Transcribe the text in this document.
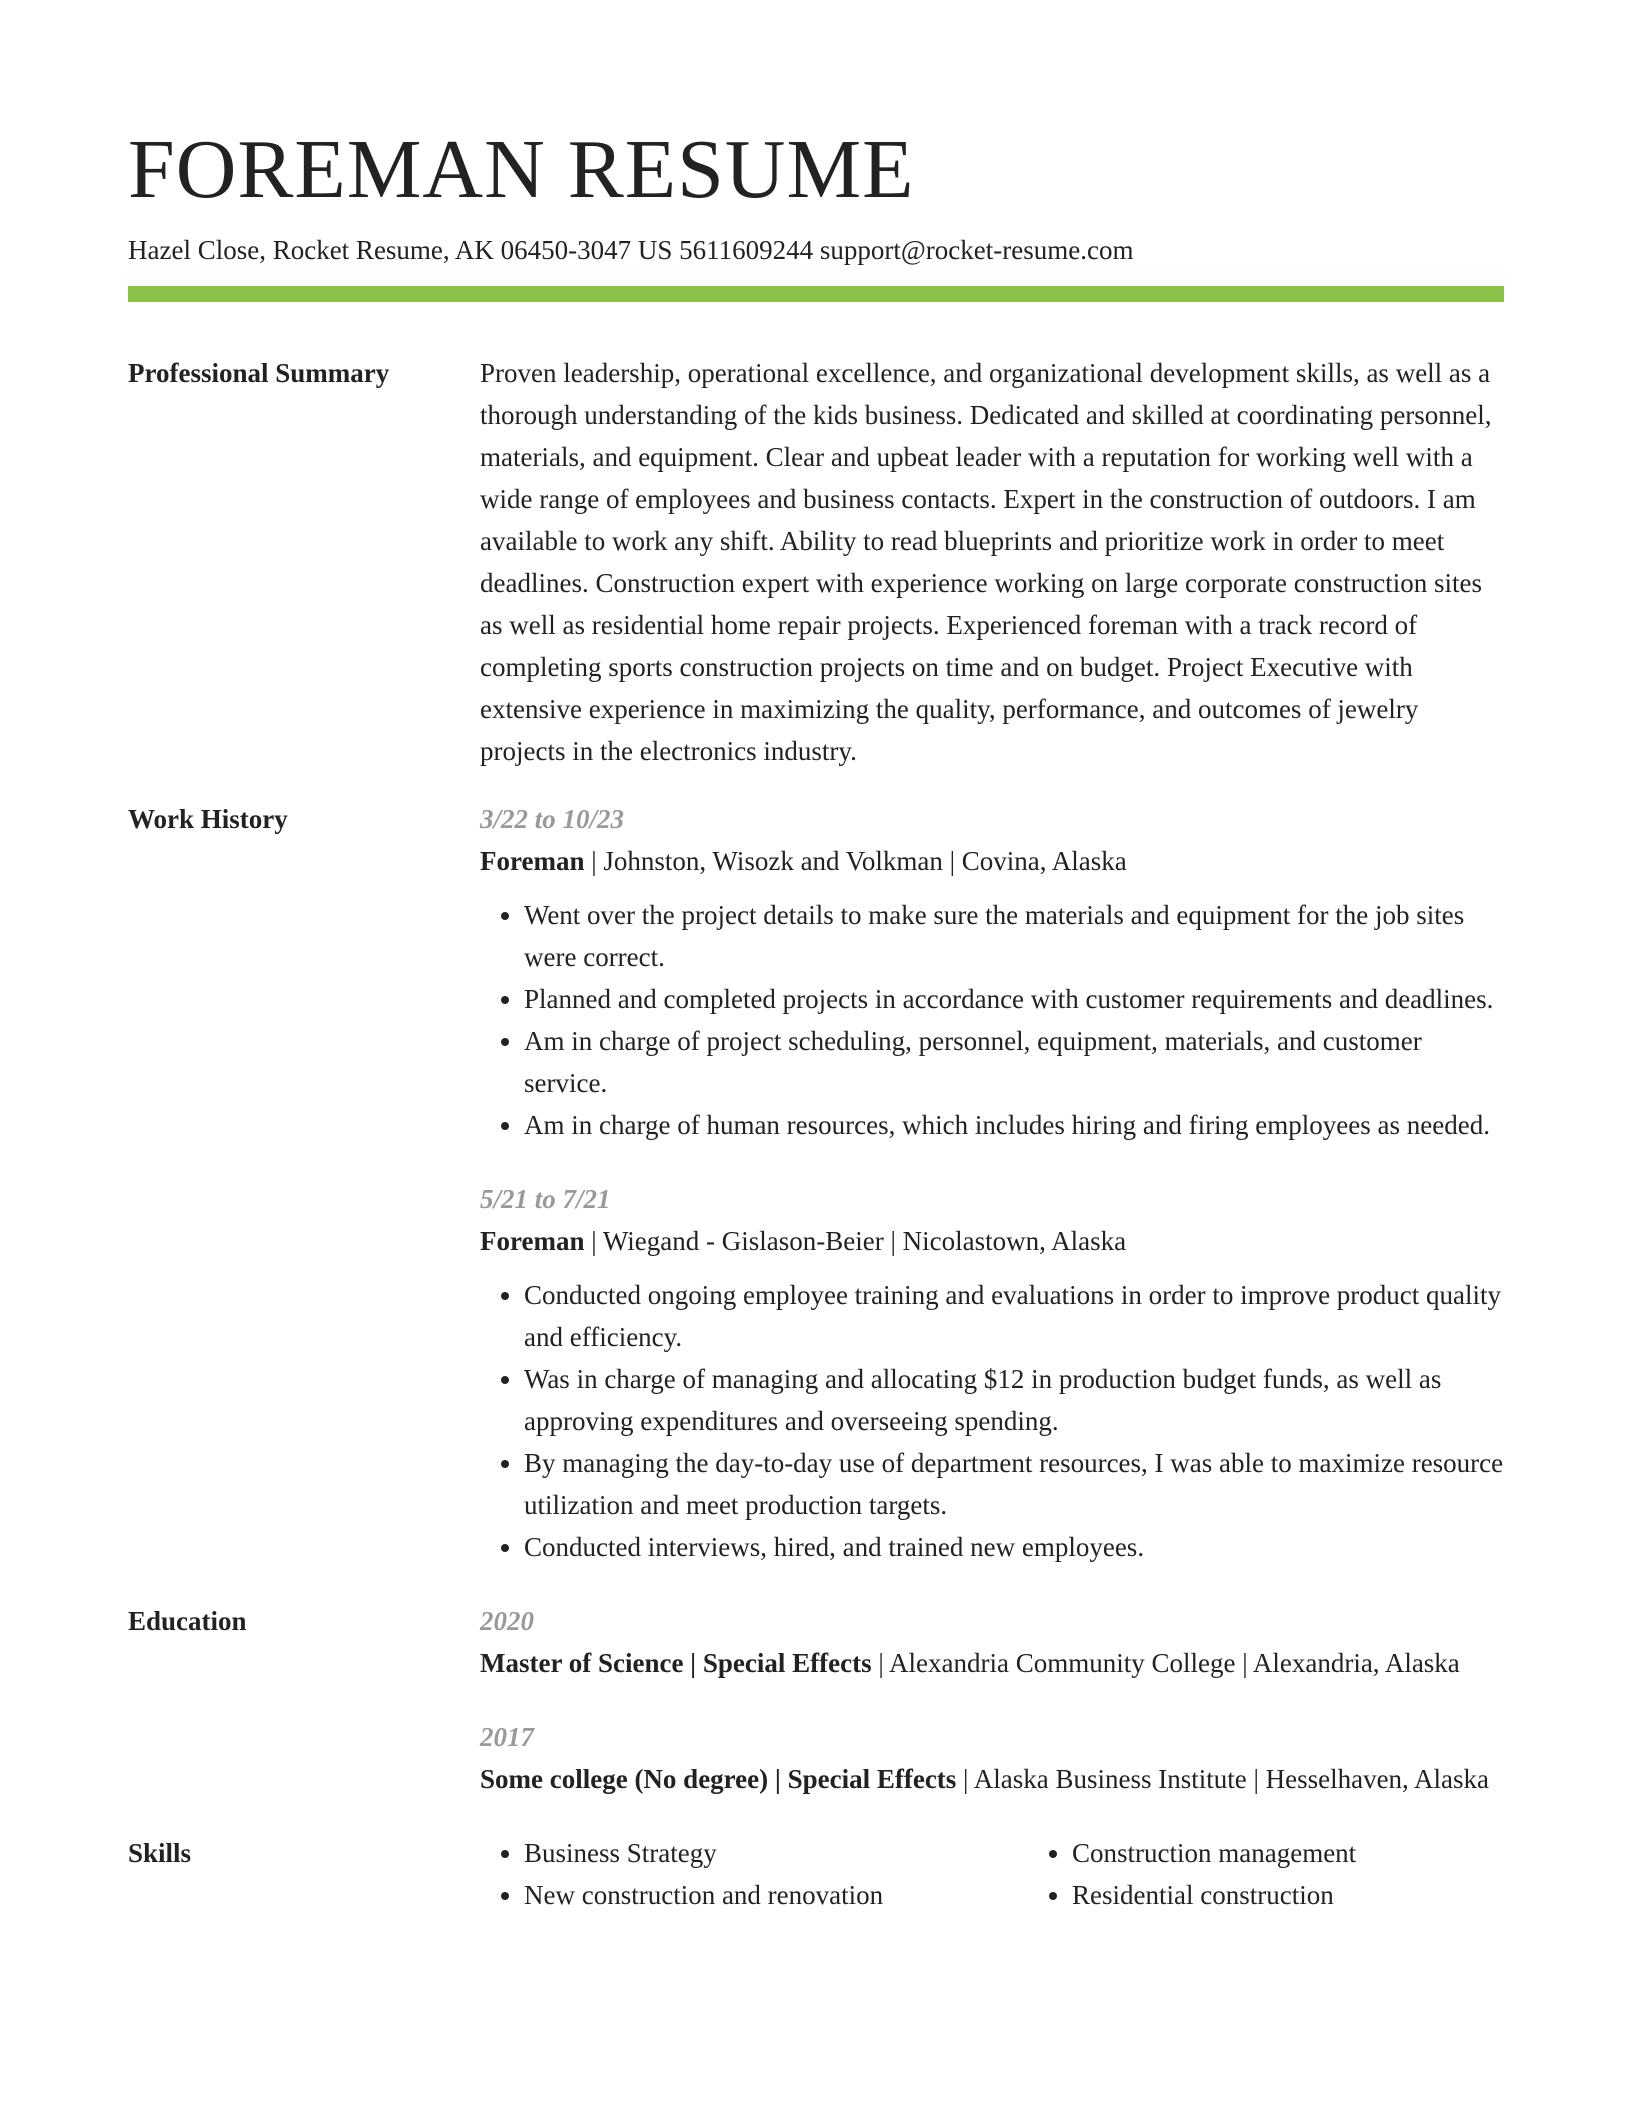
FOREMAN RESUME
Hazel Close, Rocket Resume, AK 06450-3047 US 5611609244 support@rocket-resume.com
Professional Summary	Proven leadership, operational excellence, and organizational development skills, as well as a thorough understanding of the kids business. Dedicated and skilled at coordinating personnel, materials, and equipment. Clear and upbeat leader with a reputation for working well with a wide range of employees and business contacts. Expert in the construction of outdoors. I am available to work any shift. Ability to read blueprints and prioritize work in order to meet deadlines. Construction expert with experience working on large corporate construction sites as well as residential home repair projects. Experienced foreman with a track record of completing sports construction projects on time and on budget. Project Executive with extensive experience in maximizing the quality, performance, and outcomes of jewelry projects in the electronics industry.

Work History	3/22 to 10/23
Foreman | Johnston, Wisozk and Volkman | Covina, Alaska
• Went over the project details to make sure the materials and equipment for the job sites were correct.
• Planned and completed projects in accordance with customer requirements and deadlines.
• Am in charge of project scheduling, personnel, equipment, materials, and customer service.
• Am in charge of human resources, which includes hiring and firing employees as needed.
5/21 to 7/21
Foreman | Wiegand - Gislason-Beier | Nicolastown, Alaska
• Conducted ongoing employee training and evaluations in order to improve product quality and efficiency.
• Was in charge of managing and allocating $12 in production budget funds, as well as approving expenditures and overseeing spending.
• By managing the day-to-day use of department resources, I was able to maximize resource utilization and meet production targets.
• Conducted interviews, hired, and trained new employees.
Education	2020
Master of Science | Special Effects | Alexandria Community College | Alexandria, Alaska
2017
Some college (No degree) | Special Effects | Alaska Business Institute | Hesselhaven, Alaska
Skills
•	Business Strategy
• New construction and renovation
• Construction management
• Residential construction
